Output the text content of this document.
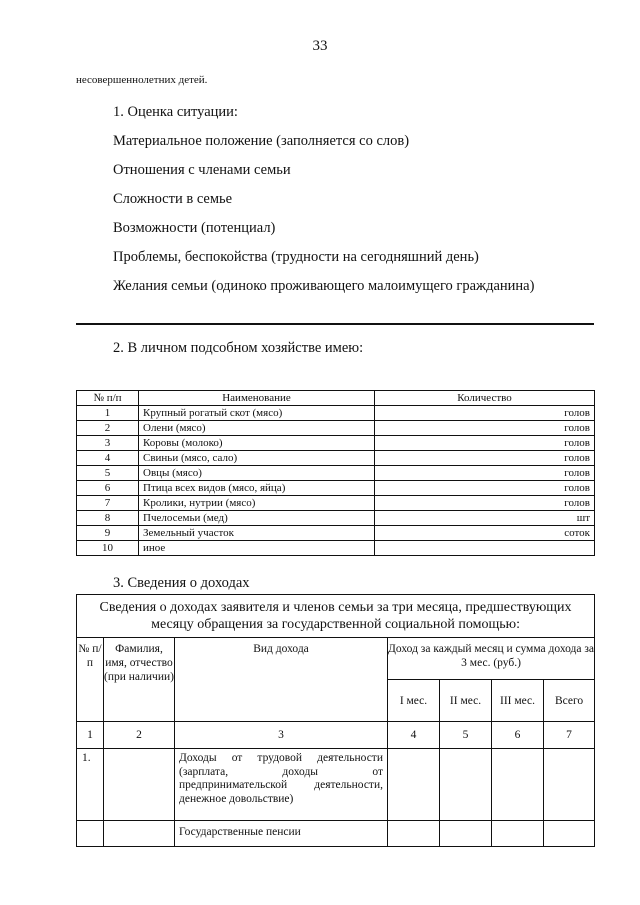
33
несовершеннолетних детей.
1. Оценка ситуации:
Материальное положение (заполняется со слов)
Отношения с членами семьи
Сложности в семье
Возможности (потенциал)
Проблемы, беспокойства (трудности на сегодняшний день)
Желания семьи (одиноко проживающего малоимущего гражданина)
2. В личном подсобном хозяйстве имею:
№ п/п	Наименование	Количество
1	Крупный рогатый скот (мясо)	голов
2	Олени (мясо)	голов
3	Коровы (молоко)	голов
4	Свиньи (мясо, сало)	голов
5	Овцы (мясо)	голов
6	Птица всех видов (мясо, яйца)	голов
7	Кролики, нутрии (мясо)	голов
8	Пчелосемьи (мед)	шт
9	Земельный участок	соток
10	иное	
3. Сведения о доходах
Сведения о доходах заявителя и членов семьи за три месяца, предшествующих месяцу обращения за государственной социальной помощью:						
№ п/п	Фамилия, имя, отчество (при наличии)	Вид дохода	Доход за каждый месяц и сумма дохода за 3 мес. (руб.)			
			I мес.	II мес.	III мес.	Всего
1	2	3	4	5	6	7
1.		Доходы от трудовой деятельности (зарплата, доходы от предпринимательской деятельности, денежное довольствие)				
		Государственные пенсии				
